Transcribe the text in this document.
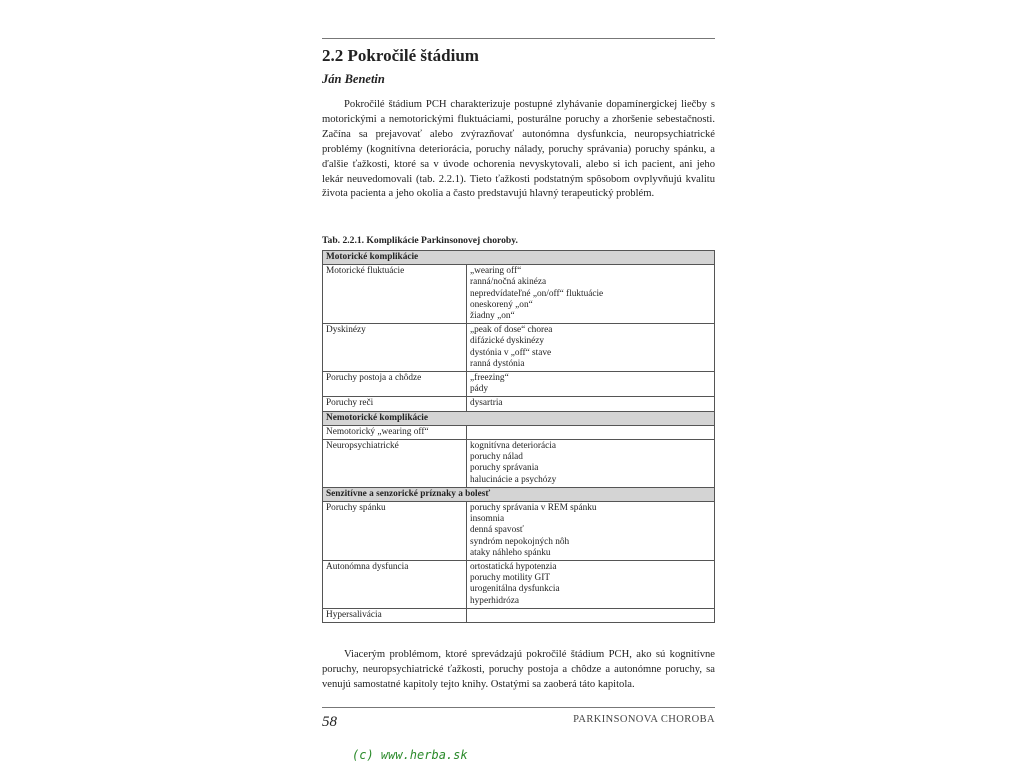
2.2 Pokročilé štádium
Ján Benetin

Pokročilé štádium PCH charakterizuje postupné zlyhávanie dopamínergickej liečby s motorickými a nemotorickými fluktuáciami, posturálne poruchy a zhoršenie sebestačnosti. Začína sa prejavovať alebo zvýrazňovať autonómna dysfunkcia, neuropsychiatrické problémy (kognitívna deteriorácia, poruchy nálady, poruchy správania) poruchy spánku, a ďalšie ťažkosti, ktoré sa v úvode ochorenia nevyskytovali, alebo si ich pacient, ani jeho lekár neuvedomovali (tab. 2.2.1). Tieto ťažkosti podstatným spôsobom ovplyvňujú kvalitu života pacienta a jeho okolia a často predstavujú hlavný terapeutický problém.

Tab. 2.2.1. Komplikácie Parkinsonovej choroby.
Motorické komplikácie	
Motorické fluktuácie	„wearing off“
ranná/nočná akinéza
nepredvídateľné „on/off“ fluktuácie
oneskorený „on“
žiadny „on“

Dyskinézy	„peak of dose“ chorea
difázické dyskinézy
dystónia v „off“ stave
ranná dystónia

Poruchy postoja a chôdze	„freezing“
pády

Poruchy reči	dysartria

Nemotorické komplikácie	
Nemotorický „wearing off“	
Neuropsychiatrické	kognitívna deteriorácia
poruchy nálad
poruchy správania
halucinácie a psychózy

Senzitívne a senzorické príznaky a bolesť	
Poruchy spánku	poruchy správania v REM spánku
insomnia
denná spavosť
syndróm nepokojných nôh
ataky náhleho spánku

Autonómna dysfuncia	ortostatická hypotenzia
poruchy motility GIT
urogenitálna dysfunkcia
hyperhidróza

Hypersalivácia	

Viacerým problémom, ktoré sprevádzajú pokročilé štádium PCH, ako sú kognitívne poruchy, neuropsychiatrické ťažkosti, poruchy postoja a chôdze a autonómne poruchy, sa venujú samostatné kapitoly tejto knihy. Ostatými sa zaoberá táto kapitola.

58	PARKINSONOVA CHOROBA
(c) www.herba.sk
